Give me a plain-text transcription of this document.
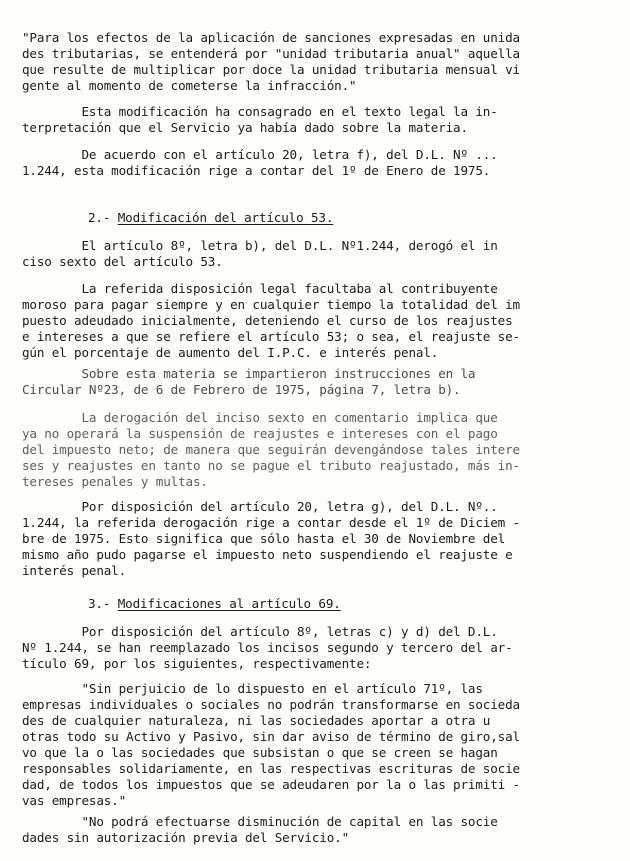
"Para los efectos de la aplicación de sanciones expresadas en unida
des tributarias, se entenderá por "unidad tributaria anual" aquella
que resulte de multiplicar por doce la unidad tributaria mensual vi
gente al momento de cometerse la infracción."
Esta modificación ha consagrado en el texto legal la in-
terpretación que el Servicio ya había dado sobre la materia.
De acuerdo con el artículo 20, letra f), del D.L. Nº ...
1.244, esta modificación rige a contar del 1º de Enero de 1975.
2.- Modificación del artículo 53.
El artículo 8º, letra b), del D.L. Nº1.244, derogó el in
ciso sexto del artículo 53.
La referida disposición legal facultaba al contribuyente
moroso para pagar siempre y en cualquier tiempo la totalidad del im
puesto adeudado inicialmente, deteniendo el curso de los reajustes
e intereses a que se refiere el artículo 53; o sea, el reajuste se-
gún el porcentaje de aumento del I.P.C. e interés penal.
Sobre esta materia se impartieron instrucciones en la
Circular Nº23, de 6 de Febrero de 1975, página 7, letra b).
La derogación del inciso sexto en comentario implica que
ya no operará la suspensión de reajustes e intereses con el pago
del impuesto neto; de manera que seguirán devengándose tales intere
ses y reajustes en tanto no se pague el tributo reajustado, más in-
tereses penales y multas.
Por disposición del artículo 20, letra g), del D.L. Nº..
1.244, la referida derogación rige a contar desde el 1º de Diciem -
bre de 1975. Esto significa que sólo hasta el 30 de Noviembre del
mismo año pudo pagarse el impuesto neto suspendiendo el reajuste e
interés penal.
3.- Modificaciones al artículo 69.
Por disposición del artículo 8º, letras c) y d) del D.L.
Nº 1.244, se han reemplazado los incisos segundo y tercero del ar-
tículo 69, por los siguientes, respectivamente:
"Sin perjuicio de lo dispuesto en el artículo 71º, las
empresas individuales o sociales no podrán transformarse en socieda
des de cualquier naturaleza, ni las sociedades aportar a otra u
otras todo su Activo y Pasivo, sin dar aviso de término de giro,sal
vo que la o las sociedades que subsistan o que se creen se hagan
responsables solidariamente, en las respectivas escrituras de socie
dad, de todos los impuestos que se adeudaren por la o las primiti -
vas empresas."
"No podrá efectuarse disminución de capital en las socie
dades sin autorización previa del Servicio."
